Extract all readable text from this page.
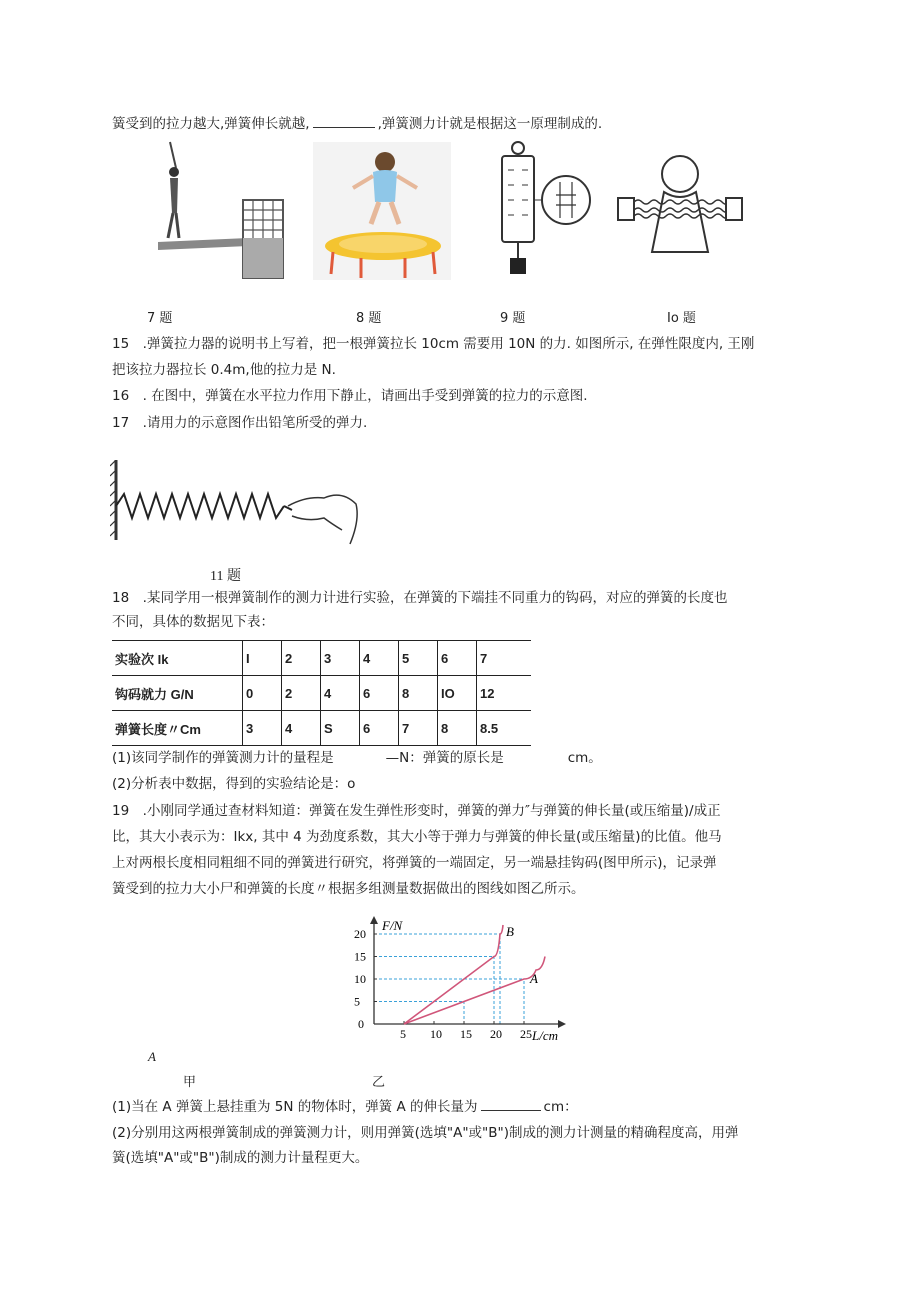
簧受到的拉力越大,弹簧伸长就越,	,弹簧测力计就是根据这一原理制成的.
7 题	8 题	9 题	Io 题
15　.弹簧拉力器的说明书上写着，把一根弹簧拉长 10cm 需要用 10N 的力. 如图所示, 在弹性限度内, 王刚
把该拉力器拉长 0.4m,他的拉力是 N.
16　. 在图中，弹簧在水平拉力作用下静止，请画出手受到弹簧的拉力的示意图.
17　.请用力的示意图作出铅笔所受的弹力.
11 题
18　.某同学用一根弹簧制作的测力计进行实验，在弹簧的下端挂不同重力的钩码，对应的弹簧的长度也
不同，具体的数据见下表：
实验次 Ik	I	2	3	4	5	6	7
钩码就力 G/N	0	2	4	6	8	IO	12
弹簧长度〃Cm	3	4	S	6	7	8	8.5
(1)该同学制作的弹簧测力计的量程是	—N：弹簧的原长是	cm。
(2)分析表中数据，得到的实验结论是：o
19　.小刚同学通过查材料知道：弹簧在发生弹性形变时，弹簧的弹力″与弹簧的伸长量(或压缩量)/成正
比，其大小表示为：Ikx, 其中 4 为劲度系数，其大小等于弹力与弹簧的伸长量(或压缩量)的比值。他马
上对两根长度相同粗细不同的弹簧进行研究，将弹簧的一端固定，另一端悬挂钩码(图甲所示)，记录弹
簧受到的拉力大小尸和弹簧的长度〃根据多组测量数据做出的图线如图乙所示。
5 10 15 20 25
5
10
15
20
A
B
F/N
L/cm
0
A
甲	乙
(1)当在 A 弹簧上悬挂重为 5N 的物体时，弹簧 A 的伸长量为	cm：
(2)分别用这两根弹簧制成的弹簧测力计，则用弹簧(选填"A"或"B")制成的测力计测量的精确程度高，用弹
簧(选填"A"或"B")制成的测力计量程更大。
